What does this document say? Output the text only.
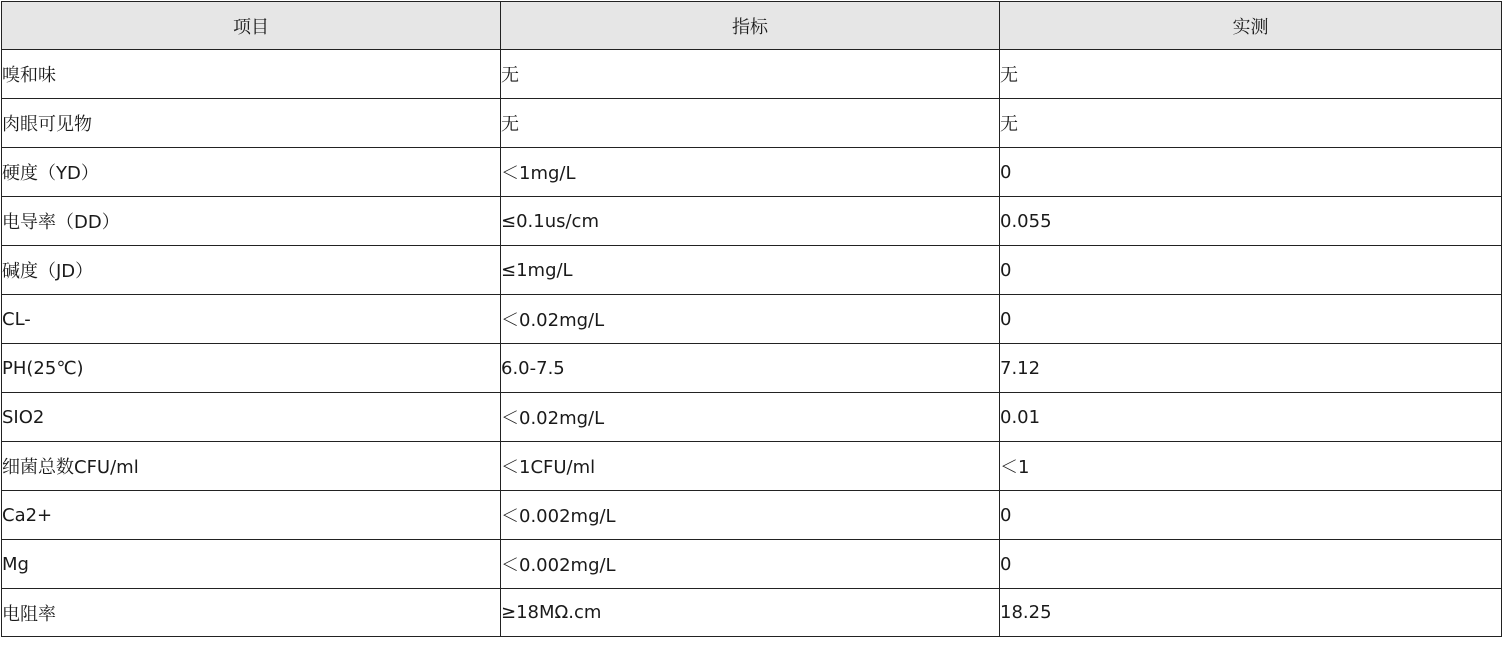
项目	指标	实测
嗅和味	无	无
肉眼可见物	无	无
硬度（YD）	＜1mg/L	0
电导率（DD）	≤0.1us/cm	0.055
碱度（JD）	≤1mg/L	0
CL-	＜0.02mg/L	0
PH(25℃)	6.0-7.5	7.12
SIO2	＜0.02mg/L	0.01
细菌总数CFU/ml	＜1CFU/ml	＜1
Ca2+	＜0.002mg/L	0
Mg	＜0.002mg/L	0
电阻率	≥18MΩ.cm	18.25
